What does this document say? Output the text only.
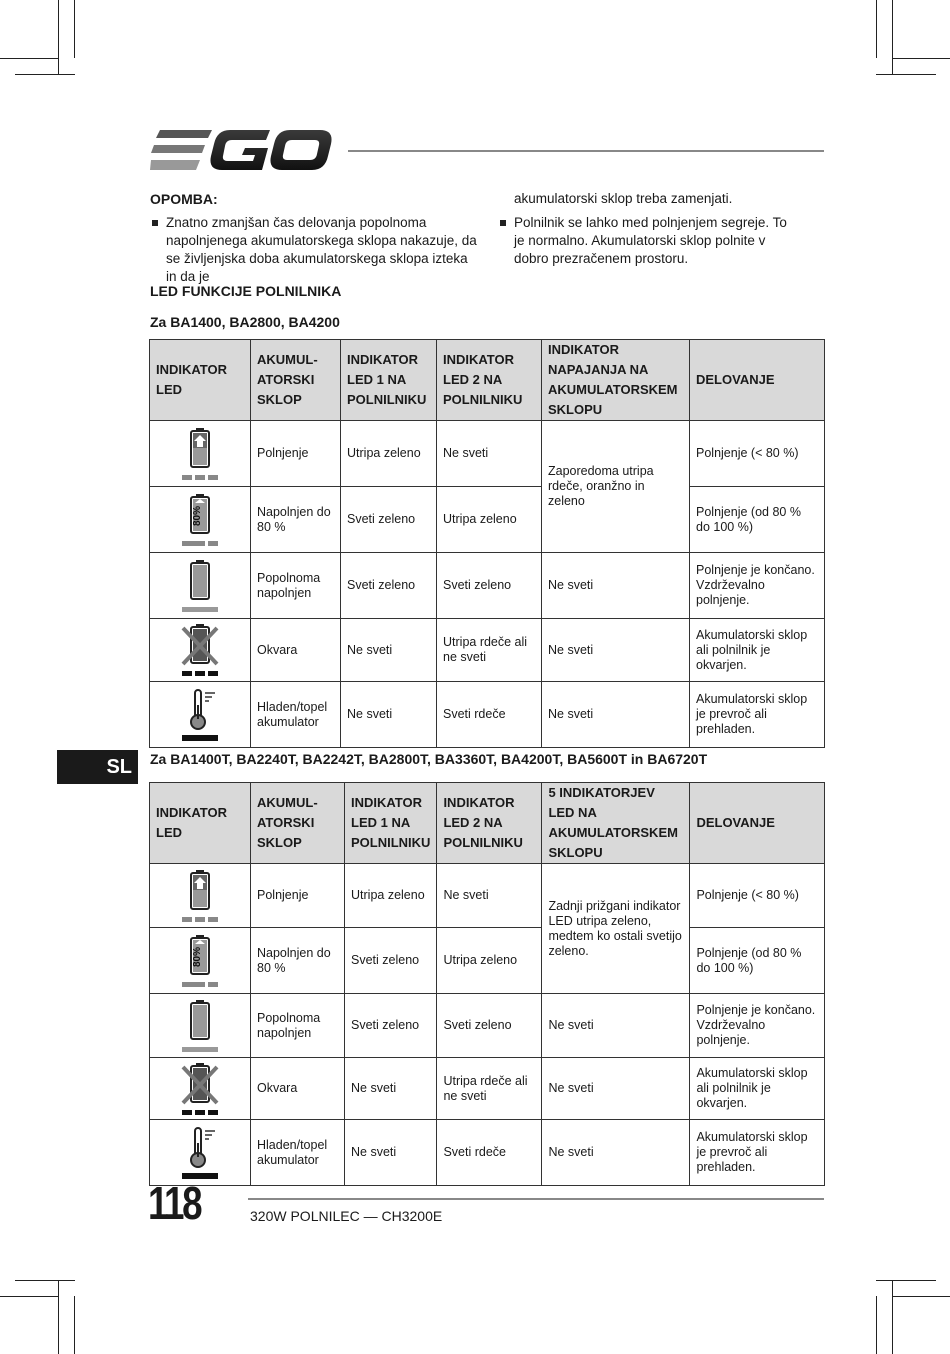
OPOMBA:
Znatno zmanjšan čas delovanja popolnoma napolnjenega akumulatorskega sklopa nakazuje, da se življenjska doba akumulatorskega sklopa izteka in da je
akumulatorski sklop treba zamenjati.
Polnilnik se lahko med polnjenjem segreje. To je normalno. Akumulatorski sklop polnite v dobro prezračenem prostoru.
LED FUNKCIJE POLNILNIKA
Za BA1400, BA2800, BA4200
INDIKATOR LED	AKUMUL-ATORSKI SKLOP	INDIKATOR LED 1 NA POLNILNIKU	INDIKATOR LED 2 NA POLNILNIKU	INDIKATOR NAPAJANJA NA AKUMULATORSKEM SKLOPU	DELOVANJE

	Polnjenje	Utripa zeleno	Ne sveti	Zaporedoma utripa rdeče, oranžno in zeleno	Polnjenje (< 80 %)

80%	Napolnjen do 80 %	Sveti zeleno	Utripa zeleno		Polnjenje (od 80 % do 100 %)

	Popolnoma napolnjen	Sveti zeleno	Sveti zeleno	Ne sveti	Polnjenje je končano. Vzdrževalno polnjenje.

	Okvara	Ne sveti	Utripa rdeče ali ne sveti	Ne sveti	Akumulatorski sklop ali polnilnik je okvarjen.

	Hladen/topel akumulator	Ne sveti	Sveti rdeče	Ne sveti	Akumulatorski sklop je prevroč ali prehladen.
SL	Za BA1400T, BA2240T, BA2242T, BA2800T, BA3360T, BA4200T, BA5600T in BA6720T
INDIKATOR LED	AKUMUL-ATORSKI SKLOP	INDIKATOR LED 1 NA POLNILNIKU	INDIKATOR LED 2 NA POLNILNIKU	5 INDIKATORJEV LED NA AKUMULATORSKEM SKLOPU	DELOVANJE

	Polnjenje	Utripa zeleno	Ne sveti	Zadnji prižgani indikator LED utripa zeleno, medtem ko ostali svetijo zeleno.	Polnjenje (< 80 %)

80%	Napolnjen do 80 %	Sveti zeleno	Utripa zeleno		Polnjenje (od 80 % do 100 %)

	Popolnoma napolnjen	Sveti zeleno	Sveti zeleno	Ne sveti	Polnjenje je končano. Vzdrževalno polnjenje.

	Okvara	Ne sveti	Utripa rdeče ali ne sveti	Ne sveti	Akumulatorski sklop ali polnilnik je okvarjen.

	Hladen/topel akumulator	Ne sveti	Sveti rdeče	Ne sveti	Akumulatorski sklop je prevroč ali prehladen.
118	320W POLNILEC — CH3200E
